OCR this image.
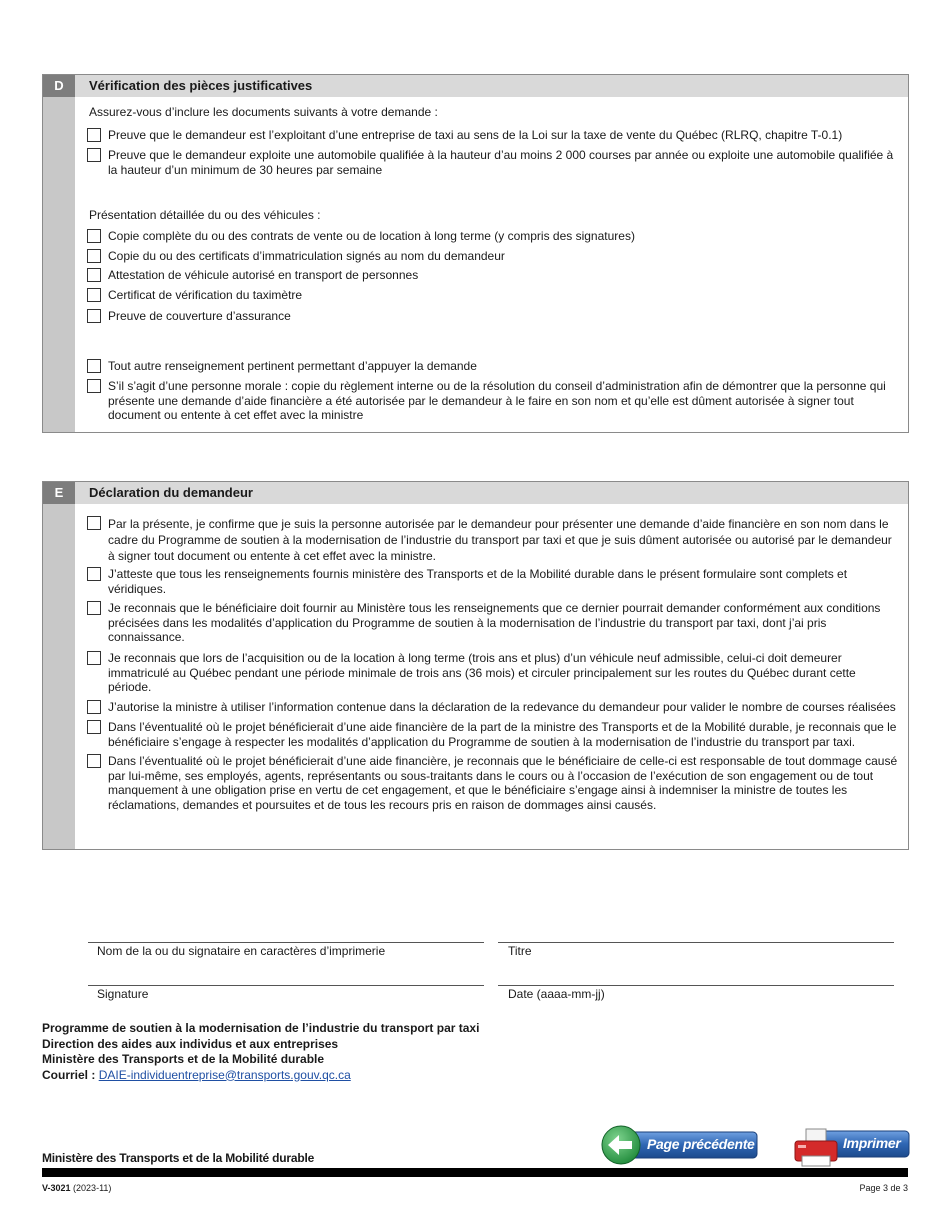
D	Vérification des pièces justificatives
Assurez-vous d’inclure les documents suivants à votre demande :
Preuve que le demandeur est l’exploitant d’une entreprise de taxi au sens de la Loi sur la taxe de vente du Québec (RLRQ, chapitre T-0.1)
Preuve que le demandeur exploite une automobile qualifiée à la hauteur d’au moins 2 000 courses par année ou exploite une automobile qualifiée à la hauteur d’un minimum de 30 heures par semaine
Présentation détaillée du ou des véhicules :
Copie complète du ou des contrats de vente ou de location à long terme (y compris des signatures)
Copie du ou des certificats d’immatriculation signés au nom du demandeur
Attestation de véhicule autorisé en transport de personnes
Certificat de vérification du taximètre
Preuve de couverture d’assurance
Tout autre renseignement pertinent permettant d’appuyer la demande
S’il s’agit d’une personne morale : copie du règlement interne ou de la résolution du conseil d’administration afin de démontrer que la personne qui présente une demande d’aide financière a été autorisée par le demandeur à le faire en son nom et qu’elle est dûment autorisée à signer tout document ou entente à cet effet avec la ministre
E	Déclaration du demandeur
Par la présente, je confirme que je suis la personne autorisée par le demandeur pour présenter une demande d’aide financière en son nom dans le cadre du Programme de soutien à la modernisation de l’industrie du transport par taxi et que je suis dûment autorisée ou autorisé par le demandeur à signer tout document ou entente à cet effet avec la ministre.
J’atteste que tous les renseignements fournis ministère des Transports et de la Mobilité durable dans le présent formulaire sont complets et véridiques.
Je reconnais que le bénéficiaire doit fournir au Ministère tous les renseignements que ce dernier pourrait demander conformément aux conditions précisées dans les modalités d’application du Programme de soutien à la modernisation de l’industrie du transport par taxi, dont j’ai pris connaissance.
Je reconnais que lors de l’acquisition ou de la location à long terme (trois ans et plus) d’un véhicule neuf admissible, celui-ci doit demeurer immatriculé au Québec pendant une période minimale de trois ans (36 mois) et circuler principalement sur les routes du Québec durant cette période.
J’autorise la ministre à utiliser l’information contenue dans la déclaration de la redevance du demandeur pour valider le nombre de courses réalisées
Dans l’éventualité où le projet bénéficierait d’une aide financière de la part de la ministre des Transports et de la Mobilité durable, je reconnais que le bénéficiaire s’engage à respecter les modalités d’application du Programme de soutien à la modernisation de l’industrie du transport par taxi.
Dans l’éventualité où le projet bénéficierait d’une aide financière, je reconnais que le bénéficiaire de celle-ci est responsable de tout dommage causé par lui-même, ses employés, agents, représentants ou sous-traitants dans le cours ou à l’occasion de l’exécution de son engagement ou de tout manquement à une obligation prise en vertu de cet engagement, et que le bénéficiaire s’engage ainsi à indemniser la ministre de toutes les réclamations, demandes et poursuites et de tous les recours pris en raison de dommages ainsi causés.
Nom de la ou du signataire en caractères d’imprimerie	Titre
Signature	Date (aaaa-mm-jj)
Programme de soutien à la modernisation de l’industrie du transport par taxi
Direction des aides aux individus et aux entreprises
Ministère des Transports et de la Mobilité durable
Courriel : DAIE-individuentreprise@transports.gouv.qc.ca
Page précédente	Imprimer
Ministère des Transports et de la Mobilité durable
V-3021 (2023-11)	Page 3 de 3
